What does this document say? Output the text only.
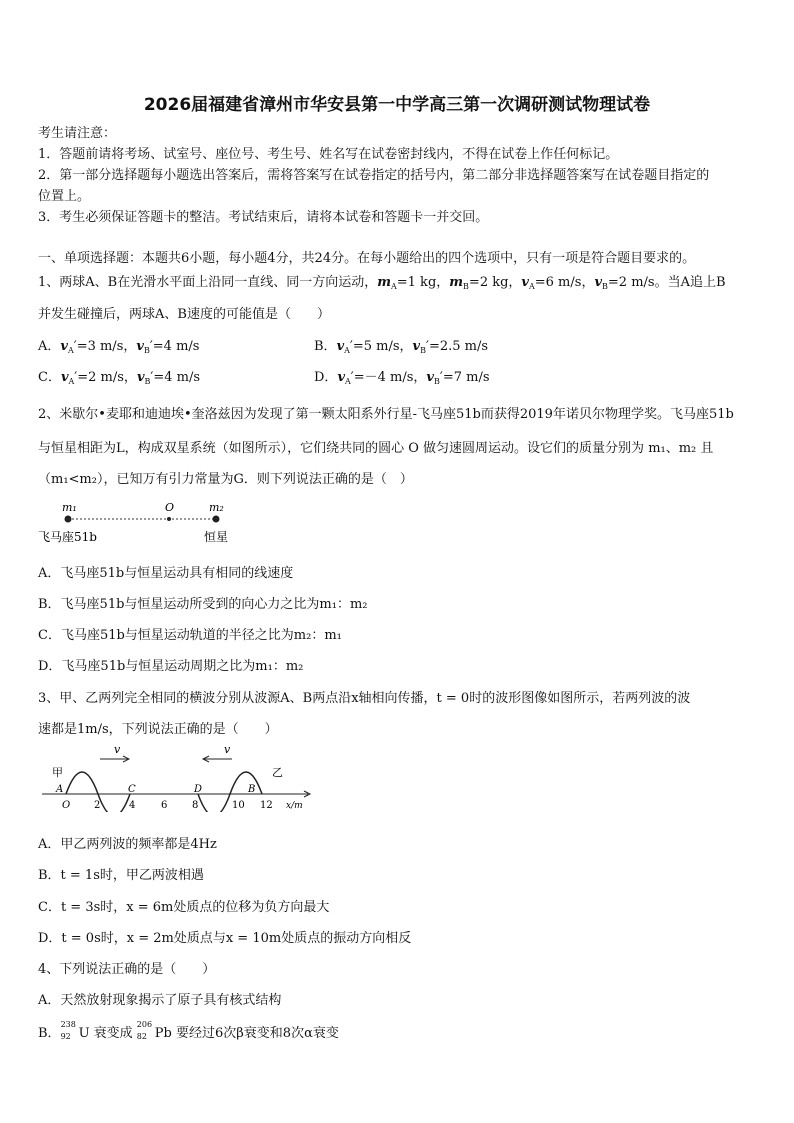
2026届福建省漳州市华安县第一中学高三第一次调研测试物理试卷
考生请注意：
1．答题前请将考场、试室号、座位号、考生号、姓名写在试卷密封线内，不得在试卷上作任何标记。
2．第一部分选择题每小题选出答案后，需将答案写在试卷指定的括号内，第二部分非选择题答案写在试卷题目指定的
位置上。
3．考生必须保证答题卡的整洁。考试结束后，请将本试卷和答题卡一并交回。
一、单项选择题：本题共6小题，每小题4分，共24分。在每小题给出的四个选项中，只有一项是符合题目要求的。
1、两球A、B在光滑水平面上沿同一直线、同一方向运动，$m_A=1$ kg，$m_B=2$ kg，$v_A=6$ m/s，$v_B=2$ m/s。当A追上B
并发生碰撞后，两球A、B速度的可能值是（　　）
A．$v_A'=3$ m/s，$v_B'=4$ m/s	B．$v_A'=5$ m/s，$v_B'=2.5$ m/s
C．$v_A'=2$ m/s，$v_B'=4$ m/s	D．$v_A'=-4$ m/s，$v_B'=7$ m/s
2、米歇尔•麦耶和迪迪埃•奎洛兹因为发现了第一颗太阳系外行星-飞马座51b而获得2019年诺贝尔物理学奖。飞马座51b
与恒星相距为L，构成双星系统（如图所示），它们绕共同的圆心 O 做匀速圆周运动。设它们的质量分别为 m₁、m₂ 且
（m₁<m₂），已知万有引力常量为G．则下列说法正确的是（　）
m₁	O	m₂
飞马座51b	恒星
A．飞马座51b与恒星运动具有相同的线速度
B．飞马座51b与恒星运动所受到的向心力之比为m₁：m₂
C．飞马座51b与恒星运动轨道的半径之比为m₂：m₁
D．飞马座51b与恒星运动周期之比为m₁：m₂
3、甲、乙两列完全相同的横波分别从波源A、B两点沿x轴相向传播，t = 0时的波形图像如图所示，若两列波的波
速都是1m/s，下列说法正确的是（　　）
v	v
甲	乙
A	C	D	B
O 2	4	6 8	10 12 x/m
A．甲乙两列波的频率都是4Hz
B．t = 1s时，甲乙两波相遇
C．t = 3s时，x = 6m处质点的位移为负方向最大
D．t = 0s时，x = 2m处质点与x = 10m处质点的振动方向相反
4、下列说法正确的是（　　）
A．天然放射现象揭示了原子具有核式结构
B．
238
92 U 衰变成
206
82 Pb 要经过6次β衰变和8次α衰变
